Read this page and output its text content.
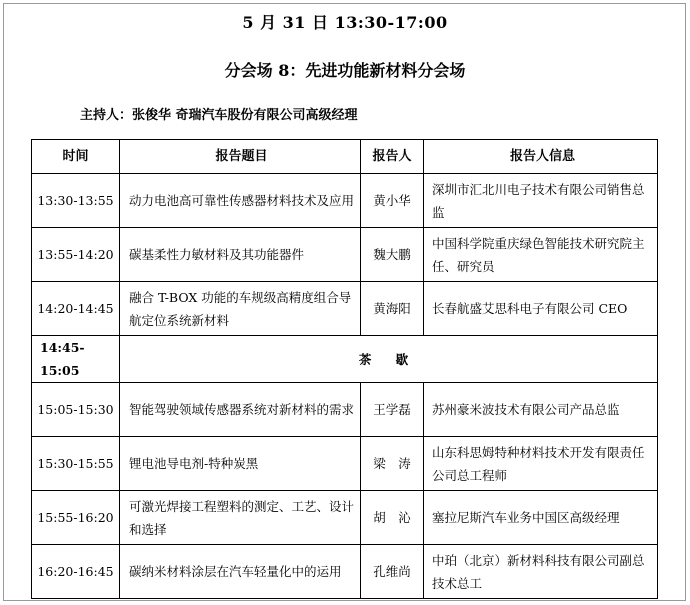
5 月 31 日 13:30-17:00
分会场 8：先进功能新材料分会场
主持人：张俊华 奇瑞汽车股份有限公司高级经理
时间	报告题目	报告人	报告人信息
13:30-13:55	动力电池高可靠性传感器材料技术及应用	黄小华	深圳市汇北川电子技术有限公司销售总监
13:55-14:20	碳基柔性力敏材料及其功能器件	魏大鹏	中国科学院重庆绿色智能技术研究院主任、研究员
14:20-14:45	融合 T-BOX 功能的车规级高精度组合导航定位系统新材料	黄海阳	长春航盛艾思科电子有限公司 CEO
14:45-15:05	茶 歇		
15:05-15:30	智能驾驶领域传感器系统对新材料的需求	王学磊	苏州豪米波技术有限公司产品总监
15:30-15:55	锂电池导电剂-特种炭黑	梁　涛	山东科思姆特种材料技术开发有限责任公司总工程师
15:55-16:20	可激光焊接工程塑料的测定、工艺、设计和选择	胡　沁	塞拉尼斯汽车业务中国区高级经理
16:20-16:45	碳纳米材料涂层在汽车轻量化中的运用	孔维尚	中珀（北京）新材料科技有限公司副总技术总工
